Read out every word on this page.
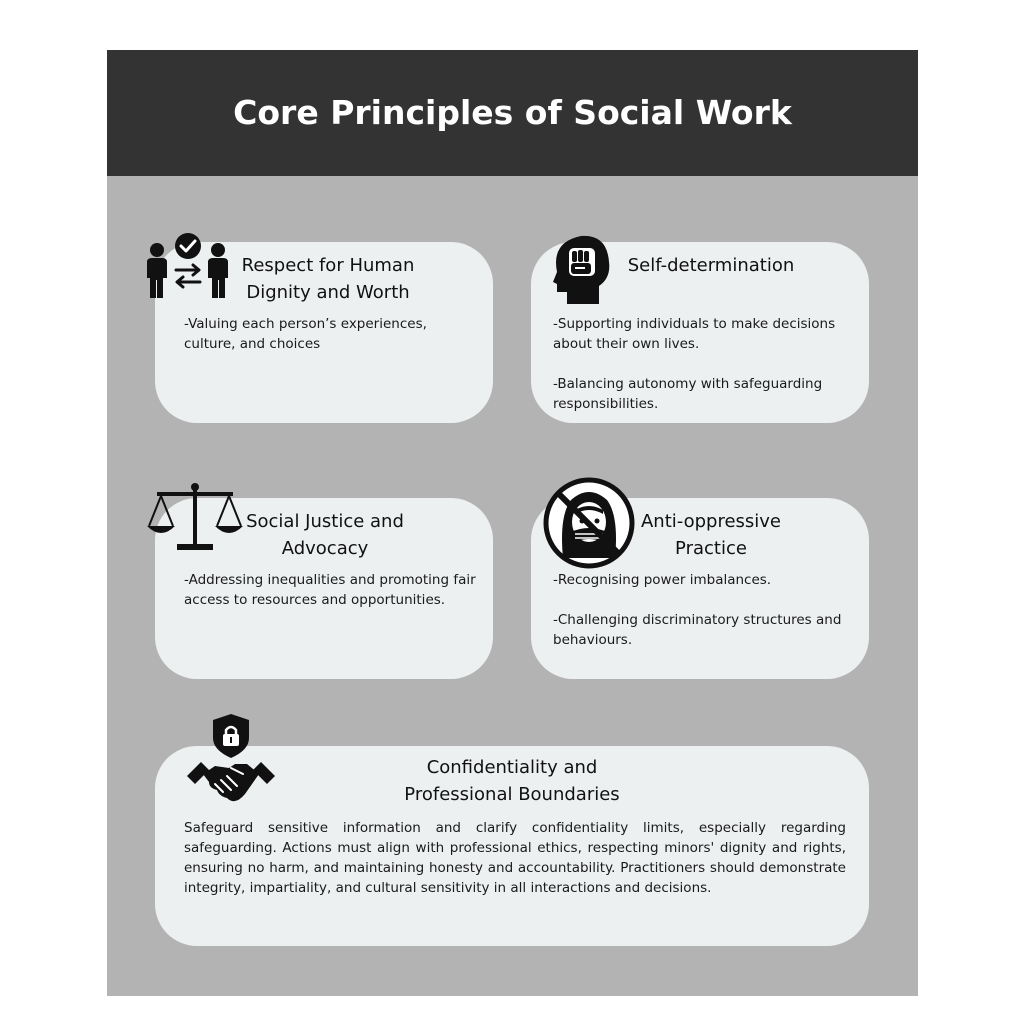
Core Principles of Social Work
Respect for Human
Dignity and Worth

-Valuing each person’s experiences, culture, and choices

Self-determination

-Supporting individuals to make decisions about their own lives.

-Balancing autonomy with safeguarding responsibilities.

Social Justice and
Advocacy

-Addressing inequalities and promoting fair access to resources and opportunities.

Anti-oppressive
Practice

-Recognising power imbalances.

-Challenging discriminatory structures and behaviours.

Confidentiality and
Professional Boundaries

Safeguard sensitive information and clarify confidentiality limits, especially regarding safeguarding. Actions must align with professional ethics, respecting minors' dignity and rights, ensuring no harm, and maintaining honesty and accountability. Practitioners should demonstrate integrity, impartiality, and cultural sensitivity in all interactions and decisions.
